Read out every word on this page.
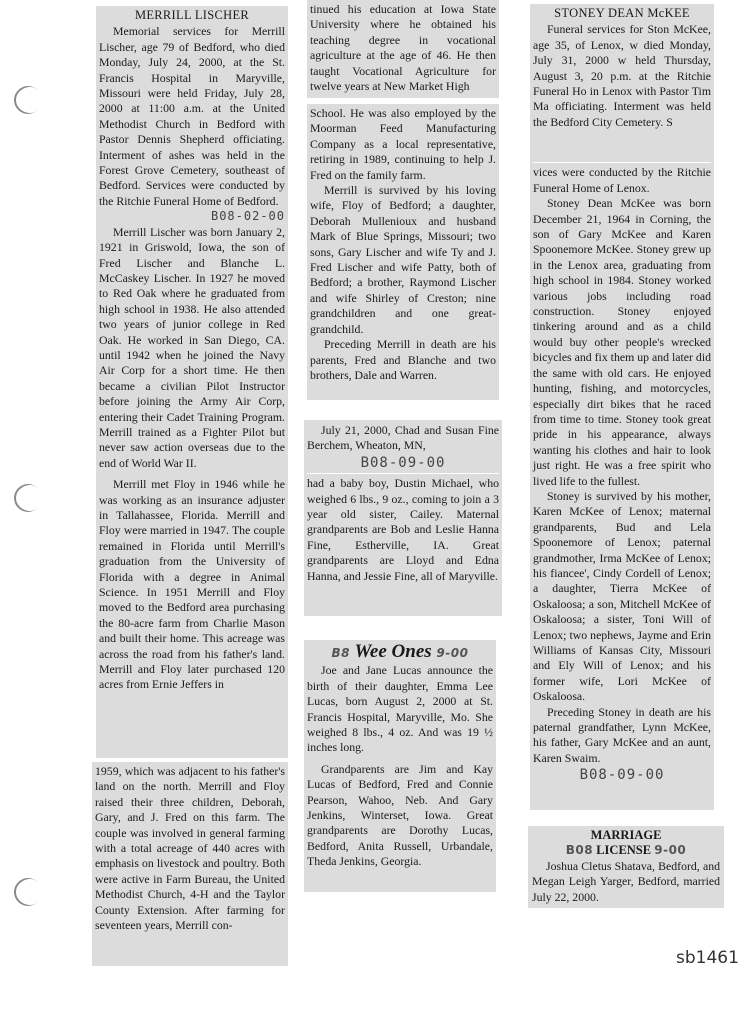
MERRILL LISCHER

Memorial services for Merrill Lischer, age 79 of Bedford, who died Monday, July 24, 2000, at the St. Francis Hospital in Maryville, Missouri were held Friday, July 28, 2000 at 11:00 a.m. at the United Methodist Church in Bedford with Pastor Dennis Shepherd officiating. Interment of ashes was held in the Forest Grove Cemetery, southeast of Bedford. Services were conducted by the Ritchie Funeral Home of Bedford.

B08-02-00

Merrill Lischer was born January 2, 1921 in Griswold, Iowa, the son of Fred Lischer and Blanche L. McCaskey Lischer. In 1927 he moved to Red Oak where he graduated from high school in 1938. He also attended two years of junior college in Red Oak. He worked in San Diego, CA. until 1942 when he joined the Navy Air Corp for a short time. He then became a civilian Pilot Instructor before joining the Army Air Corp, entering their Cadet Training Program. Merrill trained as a Fighter Pilot but never saw action overseas due to the end of World War II.

Merrill met Floy in 1946 while he was working as an insurance adjuster in Tallahassee, Florida. Merrill and Floy were married in 1947. The couple remained in Florida until Merrill's graduation from the University of Florida with a degree in Animal Science. In 1951 Merrill and Floy moved to the Bedford area purchasing the 80-acre farm from Charlie Mason and built their home. This acreage was across the road from his father's land. Merrill and Floy later purchased 120 acres from Ernie Jeffers in

1959, which was adjacent to his father's land on the north. Merrill and Floy raised their three children, Deborah, Gary, and J. Fred on this farm. The couple was involved in general farming with a total acreage of 440 acres with emphasis on livestock and poultry. Both were active in Farm Bureau, the United Methodist Church, 4-H and the Taylor County Extension. After farming for seventeen years, Merrill con-

tinued his education at Iowa State University where he obtained his teaching degree in vocational agriculture at the age of 46. He then taught Vocational Agriculture for twelve years at New Market High

School. He was also employed by the Moorman Feed Manufacturing Company as a local representative, retiring in 1989, continuing to help J. Fred on the family farm.

Merrill is survived by his loving wife, Floy of Bedford; a daughter, Deborah Mullenioux and husband Mark of Blue Springs, Missouri; two sons, Gary Lischer and wife Ty and J. Fred Lischer and wife Patty, both of Bedford; a brother, Raymond Lischer and wife Shirley of Creston; nine grandchildren and one great-grandchild.

Preceding Merrill in death are his parents, Fred and Blanche and two brothers, Dale and Warren.

July 21, 2000, Chad and Susan Fine Berchem, Wheaton, MN,

B08-09-00

had a baby boy, Dustin Michael, who weighed 6 lbs., 9 oz., coming to join a 3 year old sister, Cailey. Maternal grandparents are Bob and Leslie Hanna Fine, Estherville, IA. Great grandparents are Lloyd and Edna Hanna, and Jessie Fine, all of Maryville.

B8 Wee Ones 9-00

Joe and Jane Lucas announce the birth of their daughter, Emma Lee Lucas, born August 2, 2000 at St. Francis Hospital, Maryville, Mo. She weighed 8 lbs., 4 oz. And was 19 ½ inches long.

Grandparents are Jim and Kay Lucas of Bedford, Fred and Connie Pearson, Wahoo, Neb. And Gary Jenkins, Winterset, Iowa. Great grandparents are Dorothy Lucas, Bedford, Anita Russell, Urbandale, Theda Jenkins, Georgia.

STONEY DEAN McKEE

Funeral services for Ston McKee, age 35, of Lenox, w died Monday, July 31, 2000 w held Thursday, August 3, 20 p.m. at the Ritchie Funeral Ho in Lenox with Pastor Tim Ma officiating. Interment was held the Bedford City Cemetery. S

vices were conducted by the Ritchie Funeral Home of Lenox.

Stoney Dean McKee was born December 21, 1964 in Corning, the son of Gary McKee and Karen Spoonemore McKee. Stoney grew up in the Lenox area, graduating from high school in 1984. Stoney worked various jobs including road construction. Stoney enjoyed tinkering around and as a child would buy other people's wrecked bicycles and fix them up and later did the same with old cars. He enjoyed hunting, fishing, and motorcycles, especially dirt bikes that he raced from time to time. Stoney took great pride in his appearance, always wanting his clothes and hair to look just right. He was a free spirit who lived life to the fullest.

Stoney is survived by his mother, Karen McKee of Lenox; maternal grandparents, Bud and Lela Spoonemore of Lenox; paternal grandmother, Irma McKee of Lenox; his fiancee', Cindy Cordell of Lenox; a daughter, Tierra McKee of Oskaloosa; a son, Mitchell McKee of Oskaloosa; a sister, Toni Will of Lenox; two nephews, Jayme and Erin Williams of Kansas City, Missouri and Ely Will of Lenox; and his former wife, Lori McKee of Oskaloosa.

Preceding Stoney in death are his paternal grandfather, Lynn McKee, his father, Gary McKee and an aunt, Karen Swaim.

B08-09-00
MARRIAGE
B08 LICENSE 9-00

Joshua Cletus Shatava, Bedford, and Megan Leigh Yarger, Bedford, married July 22, 2000.

sb1461
